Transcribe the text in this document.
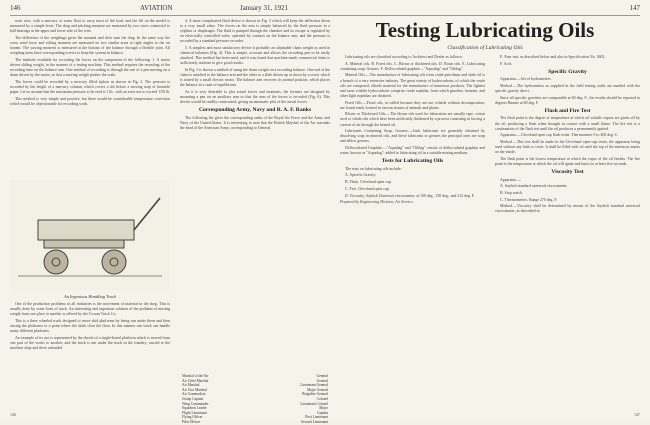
146	AVIATION	January 31, 1921

nose wire, with a mercury or water float to carry most of the load, and the lift on the model is measured by a simple lever. The drag and pitching moment are measured by two wires connected to ball bearings at the upper and lower side of the wire.

The difference of the weighings gives the moment and their sum the drag. In the same way the cross wind force and rolling moment are measured on two similar arms at right angles to the air stream. The yawing moment is measured at the bottom of the balance through a flexible joint. All weighing arms have corresponding screws to keep the system in balance.

The methods available for recording the forces on the component of the following: 1. A motor driven sliding weight, in the manner of a testing machine. This method requires the recording of the recording time on the balance arm. One method of recording is through the use of a pen moving on a drum driven by the motor, so that a moving weight pushes the scale.

The forces could be recorded by a mercury filled siphon as shown in Fig. 2. The pressure is recorded by the height of a mercury column, which covers a slit before a moving strip of bromide paper. Let us assume that the maximum pressure to be read is 1 lb., with an error not to exceed 1/50 lb.

This method is very simple and positive, but there would be considerable temperature correction which would be objectionable for recording work.

An Ingenious Handling Truck

One of the production problems in all industries is the movement of material in the shop. This is usually done by some form of truck. An interesting and ingenious solution of the problem of moving weight from one place to another is offered by the Cowan Truck Co.

This is a three wheeled truck designed to move skid platforms by being run under these and then raising the platforms to a point where the skids clear the floor. In this manner one truck can handle many different platforms.

An example of its use is represented by the sketch of a single-barrel platform which is moved from one part of the works to another, and the truck is run under the truck in the foundry, carried to the machine shop and there unloaded.

4. A more complicated fluid device is shown in Fig. 3 which will keep the deflection down to a very small value. The forces on the arm is simply balanced by the fluid pressure in a sylphon or diaphragm. The fluid is pumped through the chamber and its escape is regulated by an electrically controlled valve, operated by contacts on the balance arm, and the pressure is recorded by a standard pressure recorder.

5. A simplest and most satisfactory device is probably an adjustable chain weight as used in chemical balances (Fig. 4). This is simple, accurate and allows the recording pen to be easily attached. This method has been used, and it was found that machine-made commercial chain is sufficiently uniform to give good results.

In Fig. 5 is shown a method of using the chain weight on a recording balance. One end of the chain is attached to the balance arm and the other to a slide driven up or down by a screw which is turned by a small electric motor. The balance arm recovers its normal position, which places the balance in a state of equilibrium.

As it is very desirable to plot actual forces and moments, the formers are designed by mounting a pen on an auxiliary arm so that the sum of the forces is recorded (Fig. 6). This device would be readily constructed, giving an automatic plot of the actual forces.

Corresponding Army, Navy and R. A. F. Ranks

The following list gives the corresponding ranks of the Royal Air Force and the Army and Navy of the United States. It is interesting to note that the British Marshal of the Air outranks the head of the American Army, corresponding to General.

Marshal of the Air	General
Air Chief Marshal	General
Air Marshal	Lieutenant General
Air Vice Marshal	Major General
Air Commodore	Brigadier General
Group Captain	Colonel
Wing Commander	Lieutenant Colonel
Squadron Leader	Major
Flight Lieutenant	Captain
Flying Officer	First Lieutenant
Pilot Officer	Second Lieutenant
146
147
Testing Lubricating Oils
Classification of Lubricating Oils

Lubricating oils are classified according to Architect and Dealer as follows:

A. Mineral oils. B. Fixed oils. C. Blown or thickened oils. D. Rosin oils. E. Lubricating containing soap. Greases. F. Deflocculated graphite—"Aquadag" and "Oildag".

Mineral Oils.—The manufacture of lubricating oils from crude petroleum and shale oil is a branch of a very extensive industry. The great variety of hydrocarbons, of which the crude oils are composed, affords material for the manufacture of numerous products. The lightest and most volatile hydrocarbons comprise crude naphtha, from which gasoline, benzine, and other light naphthas are obtained.

Fixed Oils.—Fixed oils, so-called because they are not volatile without decomposition, are found ready formed in various tissues of animals and plants.

Blown or Thickened Oils.—The blown oils used for lubrication are usually rape, cotton seed or whale oils which have been artificially thickened by a process consisting in forcing a current of air through the heated oil.

Lubricants Containing Soap. Greases.—Such lubricants are generally obtained by dissolving soap in mineral oils, and these lubricants or greases the principal ones are soap and tallow greases.

Deflocculated Graphite.—"Aquadag" and "Oildag" consist of deflocculated graphite and water, known as "Aquadag"; added to lubricating oil in a suitable mixing medium.

Tests for Lubricating Oils

The tests on lubricating oils include:

A. Specific Gravity.

B. Flash, Cleveland open cup.

C. Fire, Cleveland open cup.

D. Viscosity, Saybolt Universal viscosimeter, at 100 deg., 150 deg., and 212 deg. F.

Prepared by Engineering Division, Air Service.

E. Pour test, as described below and also in Specification No. 3602.

F. Acid.

Specific Gravity

Apparatus.—Set of hydrometers.

Method.—The hydrometers as supplied in the field testing outfit are marked with the specific gravity direct.

Since all specific gravities are comparable at 60 deg. F., the results should be reported in degrees Baume at 60 deg. F.

Flash and Fire Test

The flash point is the degree of temperature at which oil volatile vapors are given off by the oil, producing a flash when brought in contact with a small flame. The fire test is a continuation of the flash test until the oil produces a permanently ignited.

Apparatus.—Cleveland open cup flash tester. Thermometer 0 to 400 deg. C.

Method.—This test shall be made in the Cleveland open-cup tester, the apparatus being used without any bath or cover. It shall be filled with oil until the top of the meniscus marks on the inside.

The flash point is the lowest temperature at which the vapor of the oil flashes. The fire point is the temperature at which the oil will ignite and burn for at least five seconds.

Viscosity Test

Apparatus.—

A. Saybolt standard universal viscosimeter.

B. Stop watch.

C. Thermometers. Range 270 deg. F.

Method.—Viscosity shall be determined by means of the Saybolt standard universal viscosimeter, as described in

147
